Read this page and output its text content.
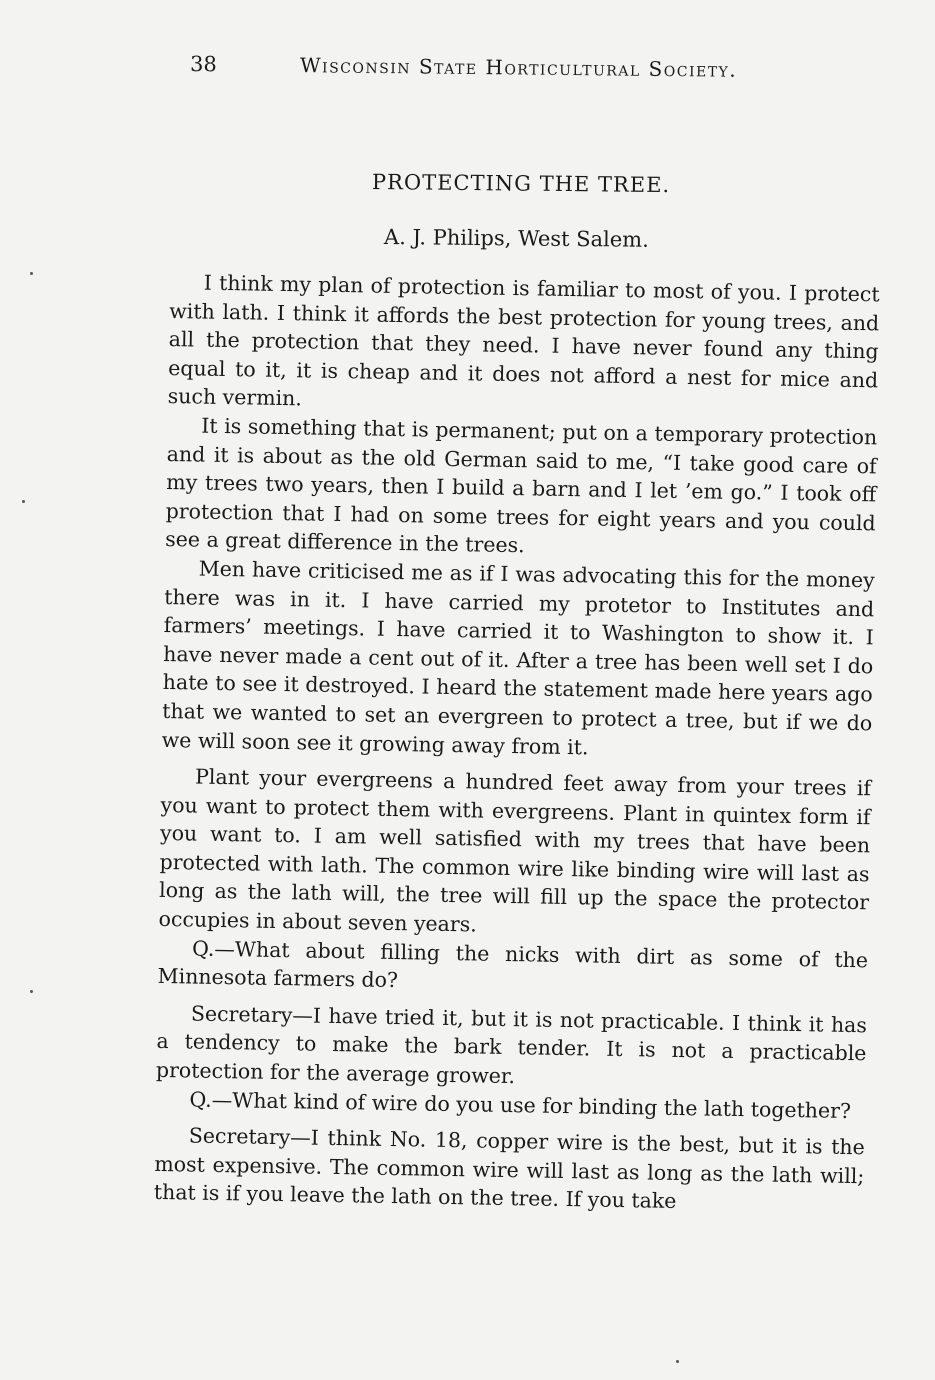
38	Wisconsin State Horticultural Society.
PROTECTING THE TREE.
A. J. Philips, West Salem.

I think my plan of protection is familiar to most of you. I protect with lath. I think it affords the best protection for young trees, and all the protection that they need. I have never found any thing equal to it, it is cheap and it does not afford a nest for mice and such vermin.

It is something that is permanent; put on a temporary protection and it is about as the old German said to me, “I take good care of my trees two years, then I build a barn and I let ’em go.” I took off protection that I had on some trees for eight years and you could see a great difference in the trees.

Men have criticised me as if I was advocating this for the money there was in it. I have carried my protetor to Institutes and farmers’ meetings. I have carried it to Washington to show it. I have never made a cent out of it. After a tree has been well set I do hate to see it destroyed. I heard the statement made here years ago that we wanted to set an evergreen to protect a tree, but if we do we will soon see it growing away from it.

Plant your evergreens a hundred feet away from your trees if you want to protect them with evergreens. Plant in quintex form if you want to. I am well satisfied with my trees that have been protected with lath. The common wire like binding wire will last as long as the lath will, the tree will fill up the space the protector occupies in about seven years.

Q.—What about filling the nicks with dirt as some of the Minnesota farmers do?

Secretary—I have tried it, but it is not practicable. I think it has a tendency to make the bark tender. It is not a practicable protection for the average grower.

Q.—What kind of wire do you use for binding the lath together?

Secretary—I think No. 18, copper wire is the best, but it is the most expensive. The common wire will last as long as the lath will; that is if you leave the lath on the tree. If you take
